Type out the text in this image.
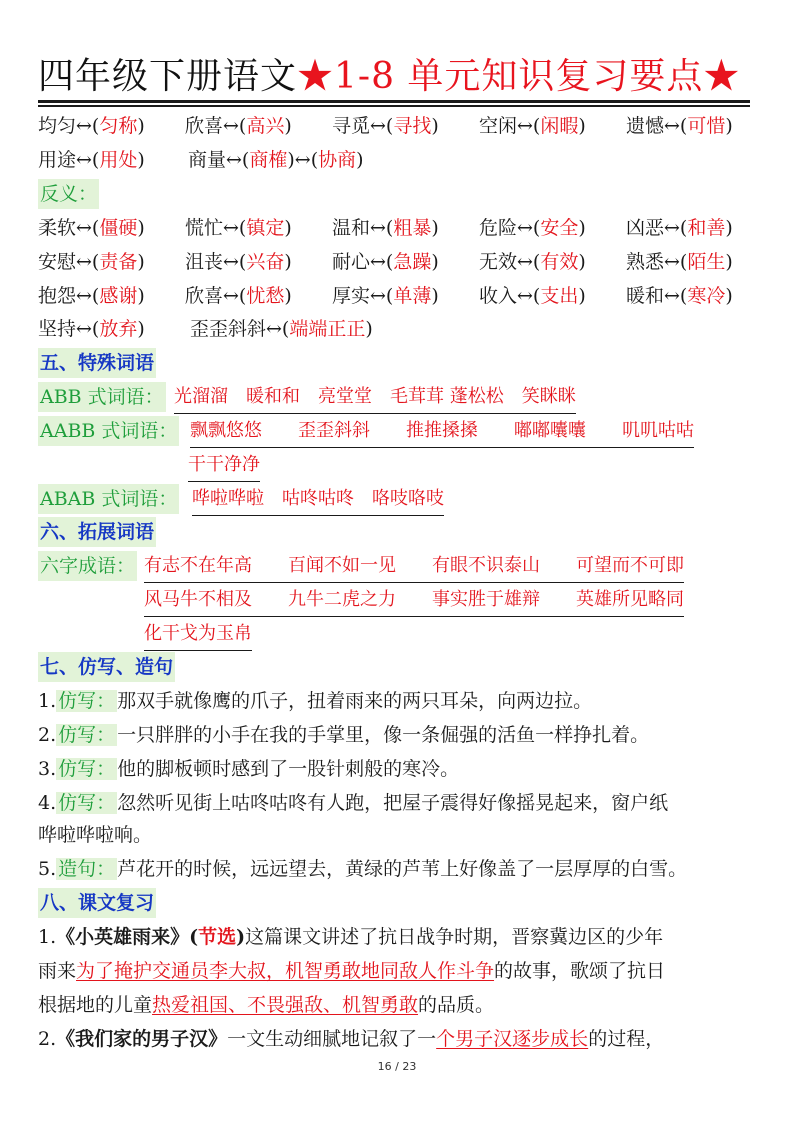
四年级下册语文★1-8 单元知识复习要点★
均匀↔(匀称) 欣喜↔(高兴) 寻觅↔(寻找) 空闲↔(闲暇) 遗憾↔(可惜)
用途↔(用处) 商量↔(商榷)↔(协商)
反义：
柔软↔(僵硬) 慌忙↔(镇定) 温和↔(粗暴) 危险↔(安全) 凶恶↔(和善)
安慰↔(责备) 沮丧↔(兴奋) 耐心↔(急躁) 无效↔(有效) 熟悉↔(陌生)
抱怨↔(感谢) 欣喜↔(忧愁) 厚实↔(单薄) 收入↔(支出) 暖和↔(寒冷)
坚持↔(放弃) 歪歪斜斜↔(端端正正)
五、特殊词语
ABB 式词语： 光溜溜　暖和和　亮堂堂　毛茸茸 蓬松松　笑眯眯
AABB 式词语： 飘飘悠悠　　歪歪斜斜　　推推搡搡　　嘟嘟囔囔　　叽叽咕咕
干干净净
ABAB 式词语： 哗啦哗啦　咕咚咕咚　咯吱咯吱
六、拓展词语
六字成语： 有志不在年高　　百闻不如一见　　有眼不识泰山　　可望而不可即
风马牛不相及　　九牛二虎之力　　事实胜于雄辩　　英雄所见略同
化干戈为玉帛
七、仿写、造句
1. 仿写： 那双手就像鹰的爪子，扭着雨来的两只耳朵，向两边拉。
2. 仿写： 一只胖胖的小手在我的手掌里，像一条倔强的活鱼一样挣扎着。
3. 仿写： 他的脚板顿时感到了一股针刺般的寒冷。
4. 仿写： 忽然听见街上咕咚咕咚有人跑，把屋子震得好像摇晃起来，窗户纸
哗啦哗啦响。
5. 造句： 芦花开的时候，远远望去，黄绿的芦苇上好像盖了一层厚厚的白雪。
八、课文复习
1.《小英雄雨来》(节选)这篇课文讲述了抗日战争时期，晋察冀边区的少年
雨来为了掩护交通员李大叔，机智勇敢地同敌人作斗争的故事，歌颂了抗日
根据地的儿童热爱祖国、不畏强敌、机智勇敢的品质。
2.《我们家的男子汉》一文生动细腻地记叙了一个男子汉逐步成长的过程，
16 / 23
